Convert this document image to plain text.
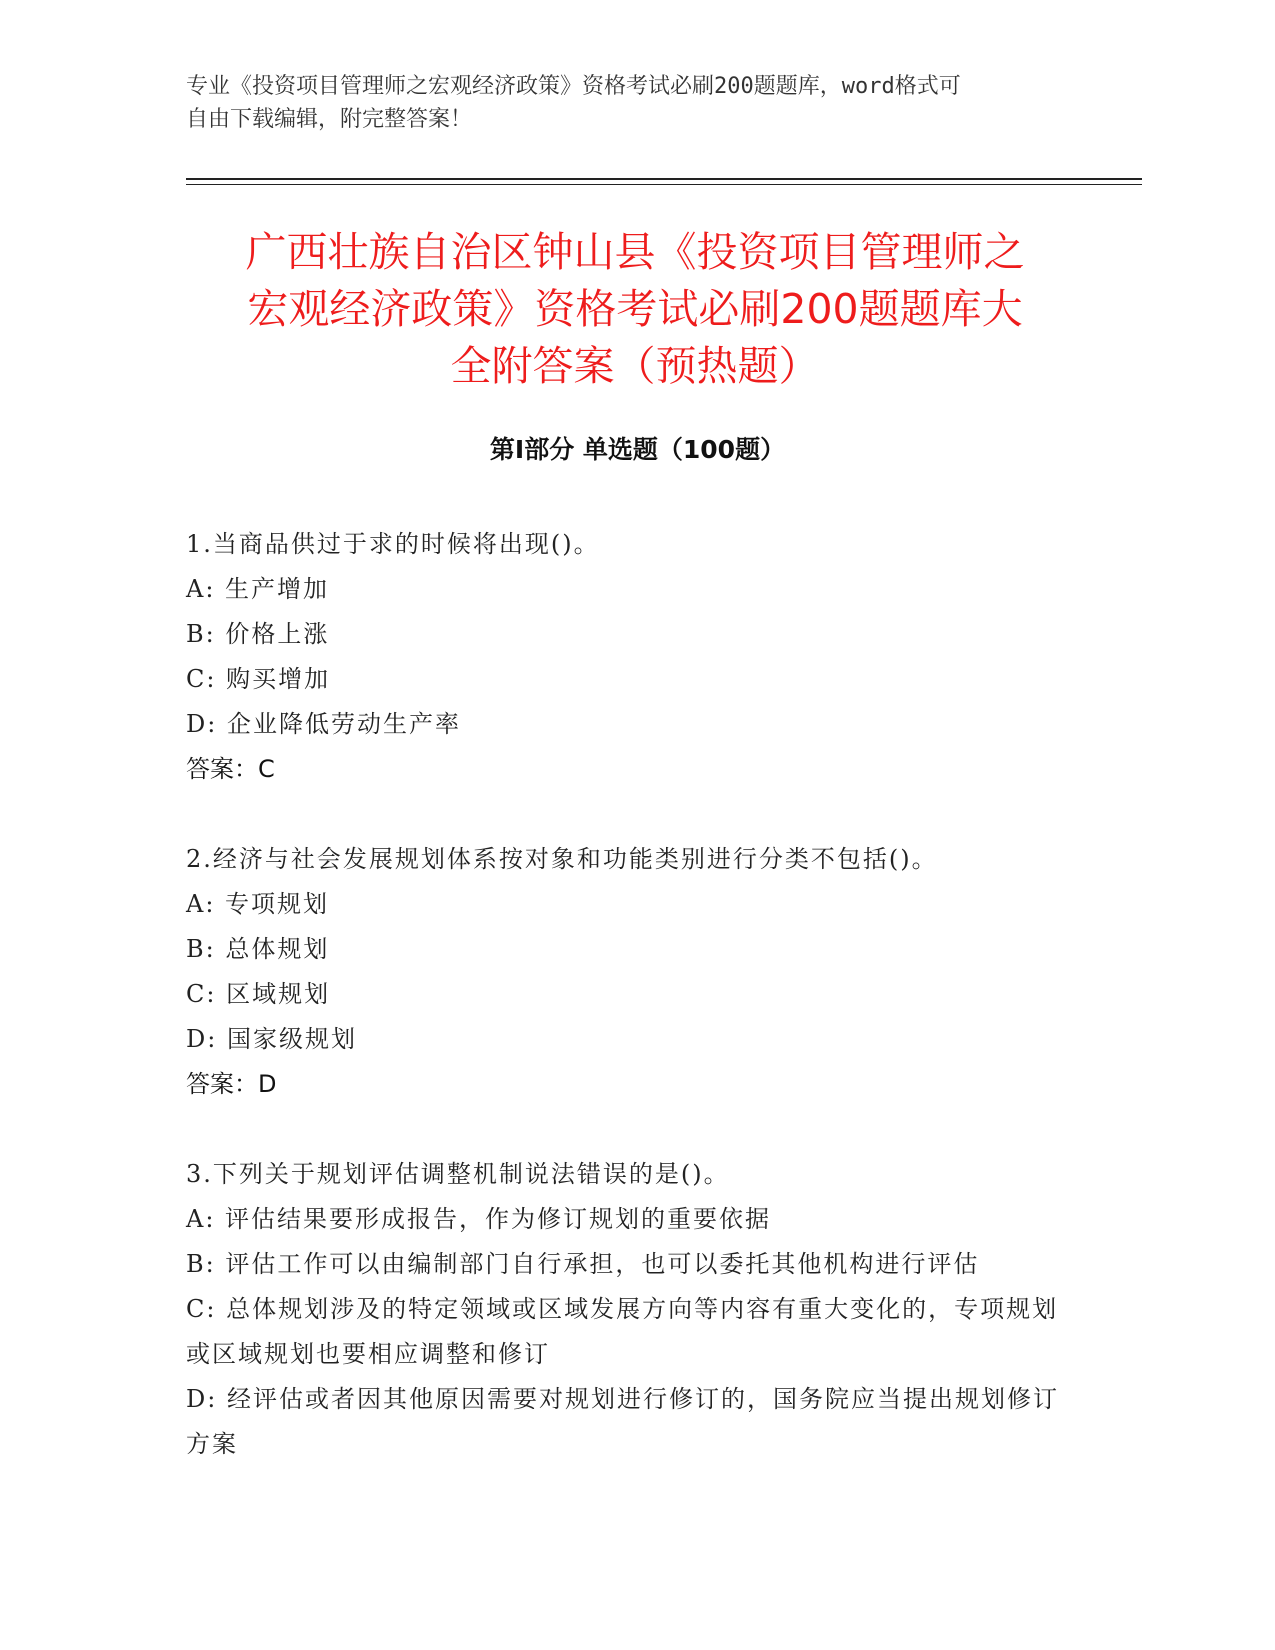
专业《投资项目管理师之宏观经济政策》资格考试必刷200题题库，word格式可
自由下载编辑，附完整答案！
广西壮族自治区钟山县《投资项目管理师之
宏观经济政策》资格考试必刷200题题库大
全附答案（预热题）
第Ⅰ部分 单选题（100题）

1.当商品供过于求的时候将出现()。

A: 生产增加

B: 价格上涨

C: 购买增加

D: 企业降低劳动生产率

答案：C

2.经济与社会发展规划体系按对象和功能类别进行分类不包括()。

A: 专项规划

B: 总体规划

C: 区域规划

D: 国家级规划

答案：D

3.下列关于规划评估调整机制说法错误的是()。

A: 评估结果要形成报告，作为修订规划的重要依据

B: 评估工作可以由编制部门自行承担，也可以委托其他机构进行评估

C: 总体规划涉及的特定领域或区域发展方向等内容有重大变化的，专项规划或区域规划也要相应调整和修订

D: 经评估或者因其他原因需要对规划进行修订的，国务院应当提出规划修订方案
